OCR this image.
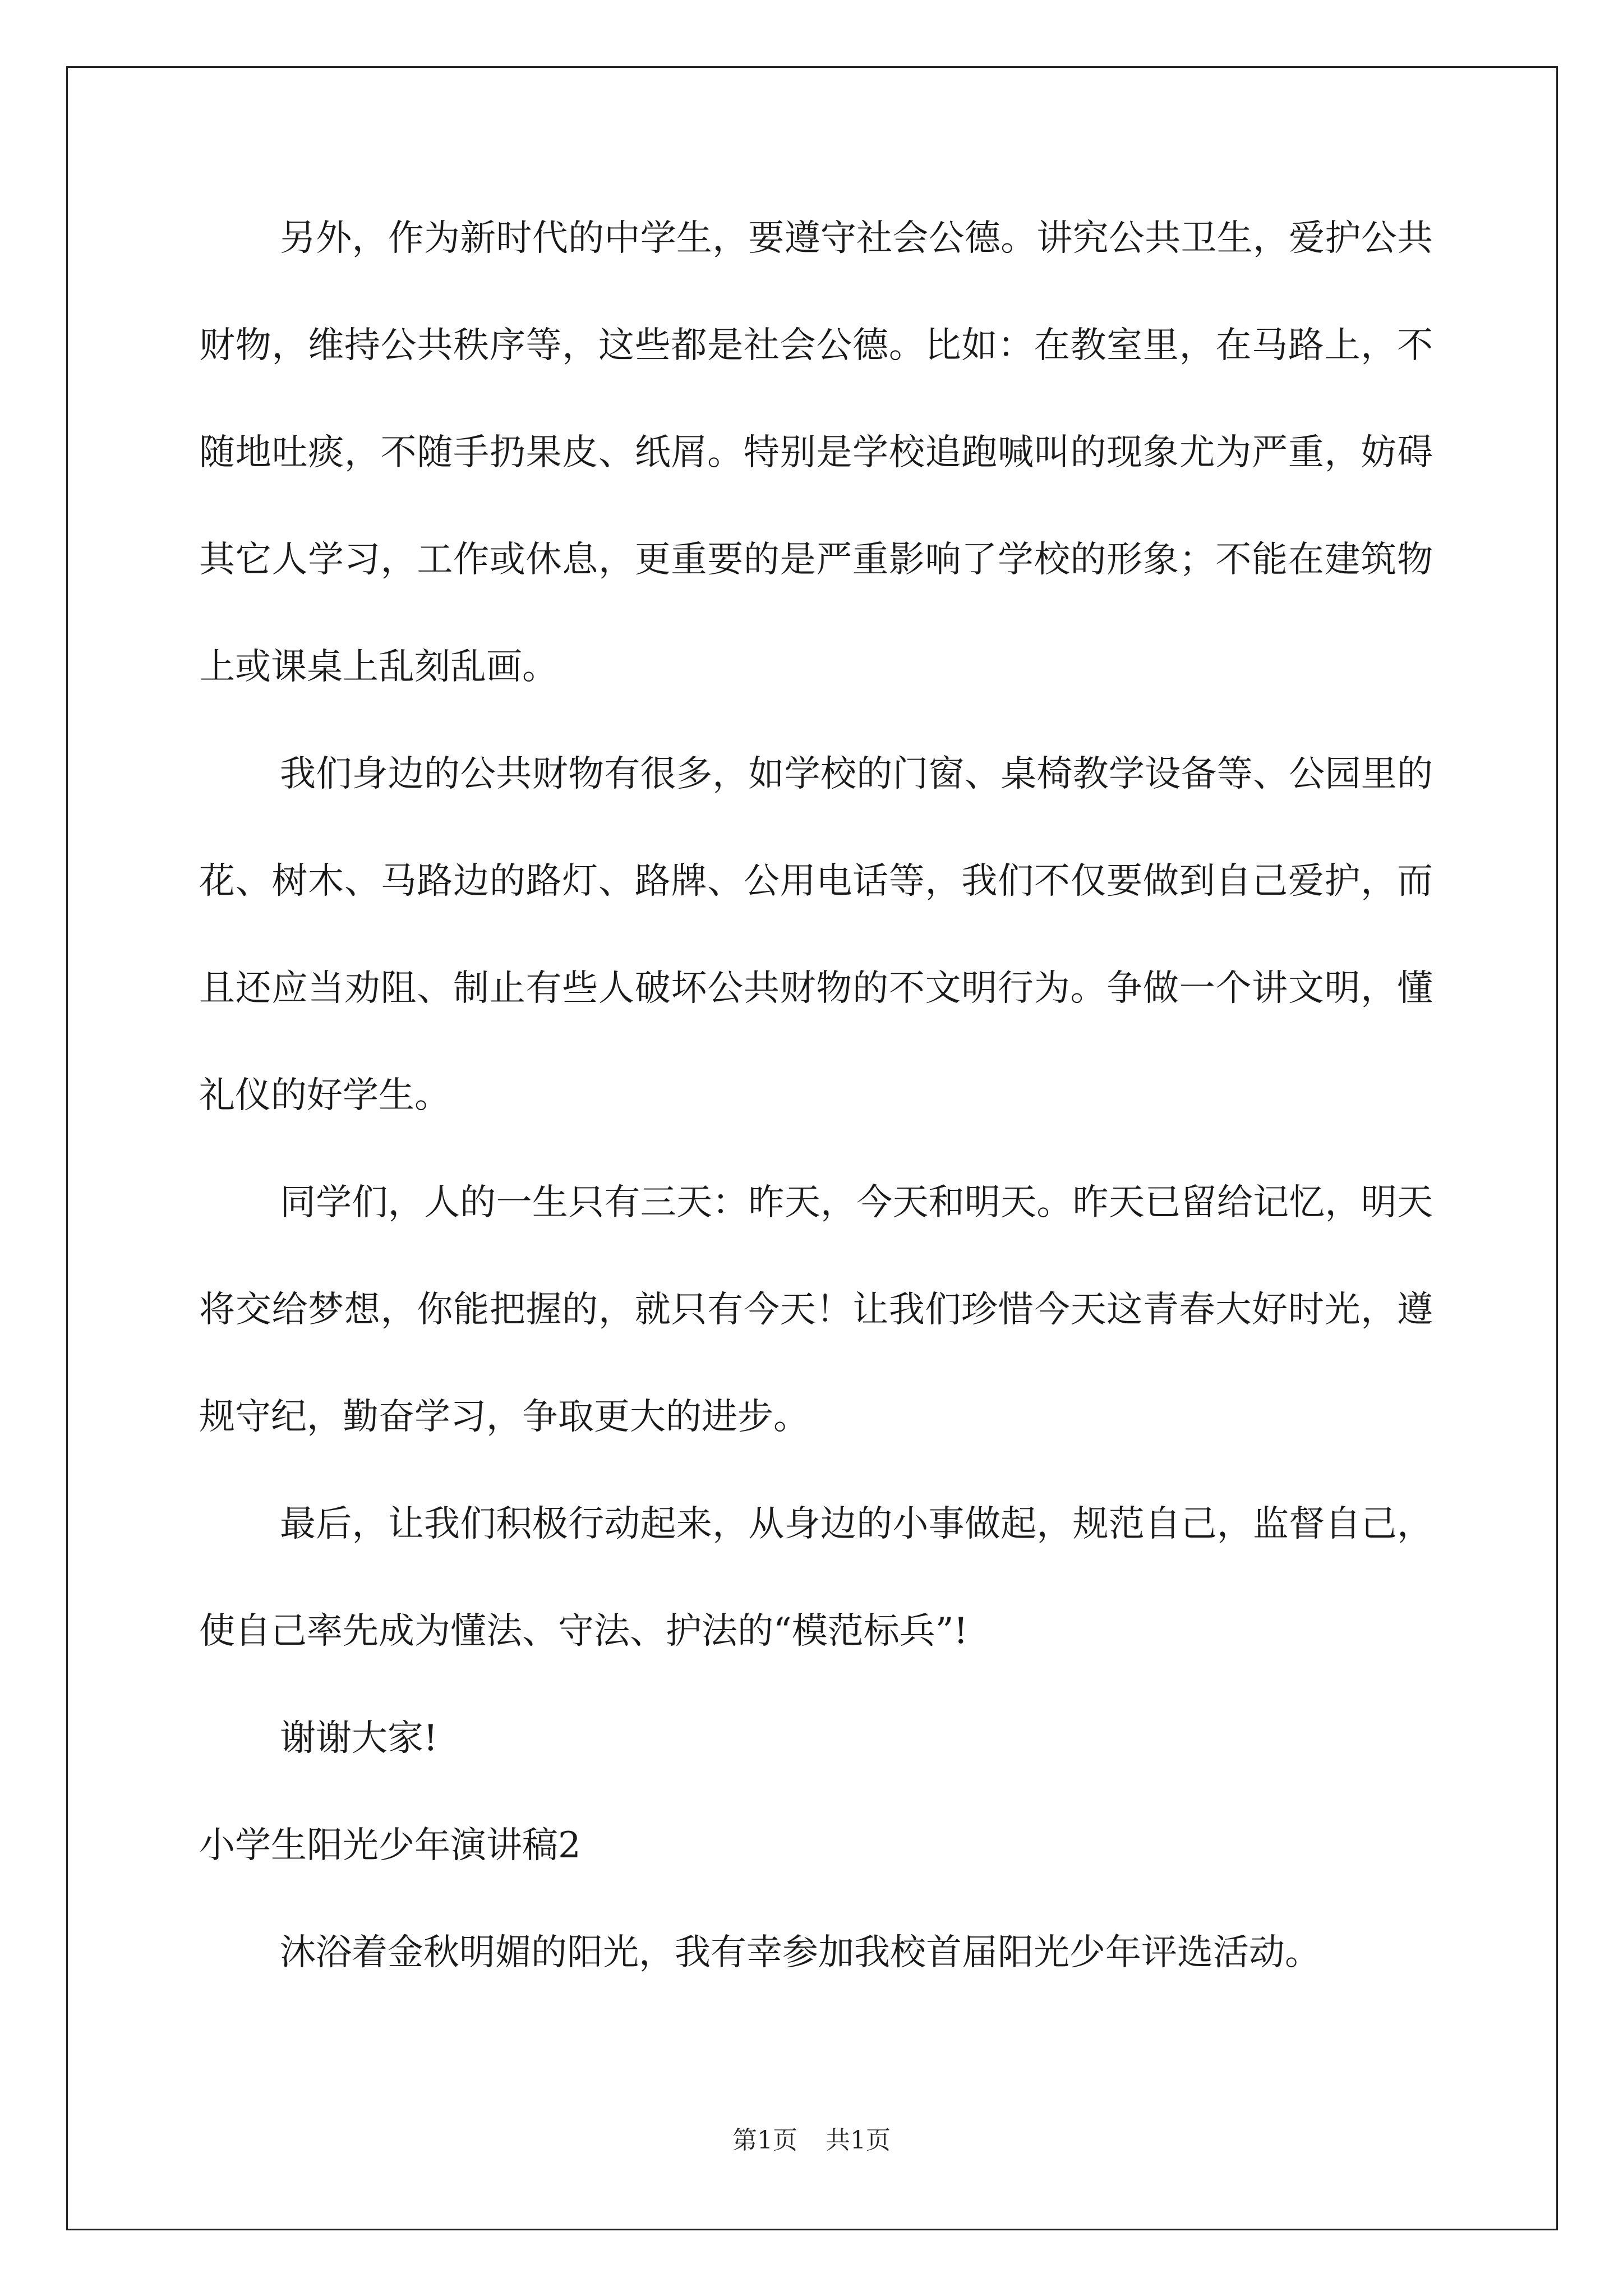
另外，作为新时代的中学生，要遵守社会公德。讲究公共卫生，爱护公共财物，维持公共秩序等，这些都是社会公德。比如：在教室里，在马路上，不随地吐痰，不随手扔果皮、纸屑。特别是学校追跑喊叫的现象尤为严重，妨碍其它人学习，工作或休息，更重要的是严重影响了学校的形象；不能在建筑物上或课桌上乱刻乱画。

我们身边的公共财物有很多，如学校的门窗、桌椅教学设备等、公园里的花、树木、马路边的路灯、路牌、公用电话等，我们不仅要做到自己爱护，而且还应当劝阻、制止有些人破坏公共财物的不文明行为。争做一个讲文明，懂礼仪的好学生。

同学们，人的一生只有三天：昨天，今天和明天。昨天已留给记忆，明天将交给梦想，你能把握的，就只有今天！让我们珍惜今天这青春大好时光，遵规守纪，勤奋学习，争取更大的进步。

最后，让我们积极行动起来，从身边的小事做起，规范自己，监督自己，使自己率先成为懂法、守法、护法的“模范标兵”!

谢谢大家!

小学生阳光少年演讲稿2

沐浴着金秋明媚的阳光，我有幸参加我校首届阳光少年评选活动。

第1页 共1页
